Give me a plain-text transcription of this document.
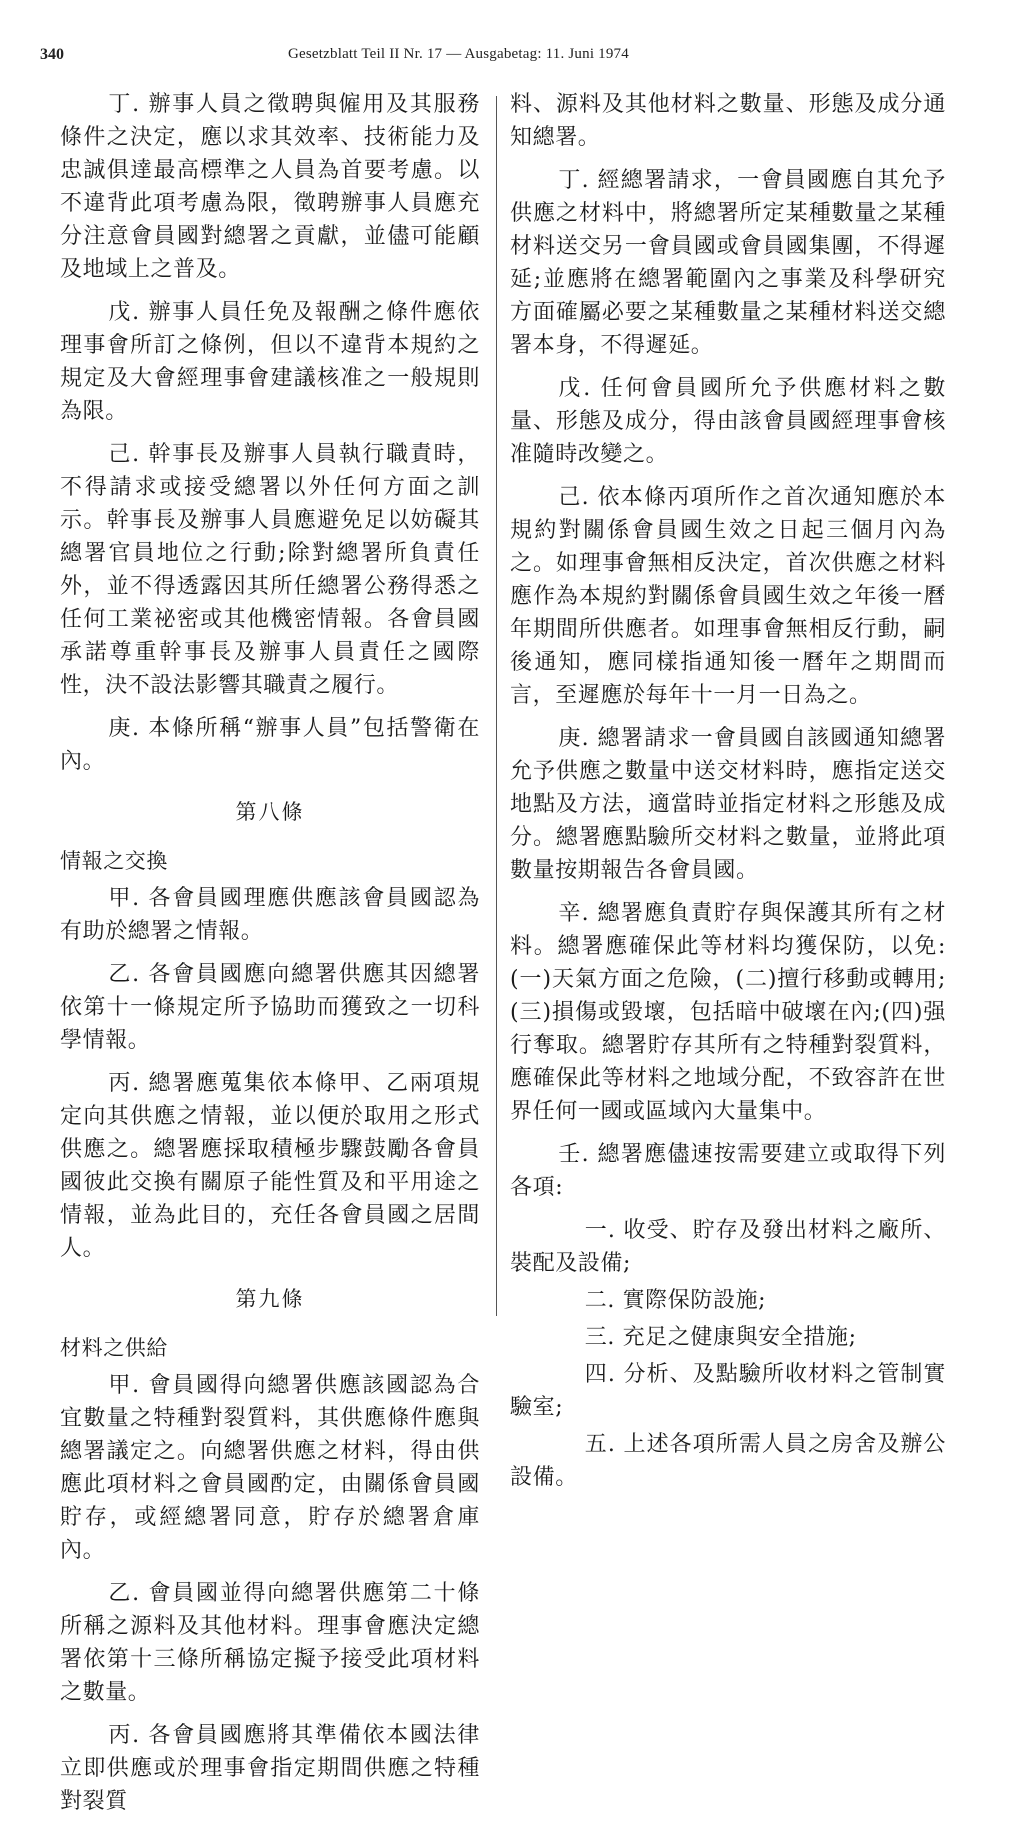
340	Gesetzblatt Teil II Nr. 17 — Ausgabetag: 11. Juni 1974

丁. 辦事人員之徵聘與僱用及其服務條件之決定，應以求其效率、技術能力及忠誠俱達最高標準之人員為首要考慮。以不違背此項考慮為限，徵聘辦事人員應充分注意會員國對總署之貢獻，並儘可能顧及地域上之普及。

戊. 辦事人員任免及報酬之條件應依理事會所訂之條例，但以不違背本規約之規定及大會經理事會建議核准之一般規則為限。

己. 幹事長及辦事人員執行職責時，不得請求或接受總署以外任何方面之訓示。幹事長及辦事人員應避免足以妨礙其總署官員地位之行動;除對總署所負責任外，並不得透露因其所任總署公務得悉之任何工業祕密或其他機密情報。各會員國承諾尊重幹事長及辦事人員責任之國際性，決不設法影響其職責之履行。

庚. 本條所稱“辦事人員”包括警衛在內。

第八條

情報之交換

甲. 各會員國理應供應該會員國認為有助於總署之情報。

乙. 各會員國應向總署供應其因總署依第十一條規定所予協助而獲致之一切科學情報。

丙. 總署應蒐集依本條甲、乙兩項規定向其供應之情報，並以便於取用之形式供應之。總署應採取積極步驟鼓勵各會員國彼此交換有關原子能性質及和平用途之情報，並為此目的，充任各會員國之居間人。

第九條

材料之供給

甲. 會員國得向總署供應該國認為合宜數量之特種對裂質料，其供應條件應與總署議定之。向總署供應之材料，得由供應此項材料之會員國酌定，由關係會員國貯存，或經總署同意，貯存於總署倉庫內。

乙. 會員國並得向總署供應第二十條所稱之源料及其他材料。理事會應決定總署依第十三條所稱協定擬予接受此項材料之數量。

丙. 各會員國應將其準備依本國法律立即供應或於理事會指定期間供應之特種對裂質

料、源料及其他材料之數量、形態及成分通知總署。

丁. 經總署請求，一會員國應自其允予供應之材料中，將總署所定某種數量之某種材料送交另一會員國或會員國集團，不得遲延;並應將在總署範圍內之事業及科學研究方面確屬必要之某種數量之某種材料送交總署本身，不得遲延。

戊. 任何會員國所允予供應材料之數量、形態及成分，得由該會員國經理事會核准隨時改變之。

己. 依本條丙項所作之首次通知應於本規約對關係會員國生效之日起三個月內為之。如理事會無相反決定，首次供應之材料應作為本規約對關係會員國生效之年後一曆年期間所供應者。如理事會無相反行動，嗣後通知，應同樣指通知後一曆年之期間而言，至遲應於每年十一月一日為之。

庚. 總署請求一會員國自該國通知總署允予供應之數量中送交材料時，應指定送交地點及方法，適當時並指定材料之形態及成分。總署應點驗所交材料之數量，並將此項數量按期報告各會員國。

辛. 總署應負責貯存與保護其所有之材料。總署應確保此等材料均獲保防，以免:(一)天氣方面之危險，(二)擅行移動或轉用;(三)損傷或毀壞，包括暗中破壞在內;(四)强行奪取。總署貯存其所有之特種對裂質料，應確保此等材料之地域分配，不致容許在世界任何一國或區域內大量集中。

壬. 總署應儘速按需要建立或取得下列各項:

一. 收受、貯存及發出材料之廠所、裝配及設備;

二. 實際保防設施;

三. 充足之健康與安全措施;

四. 分析、及點驗所收材料之管制實驗室;

五. 上述各項所需人員之房舍及辦公設備。
